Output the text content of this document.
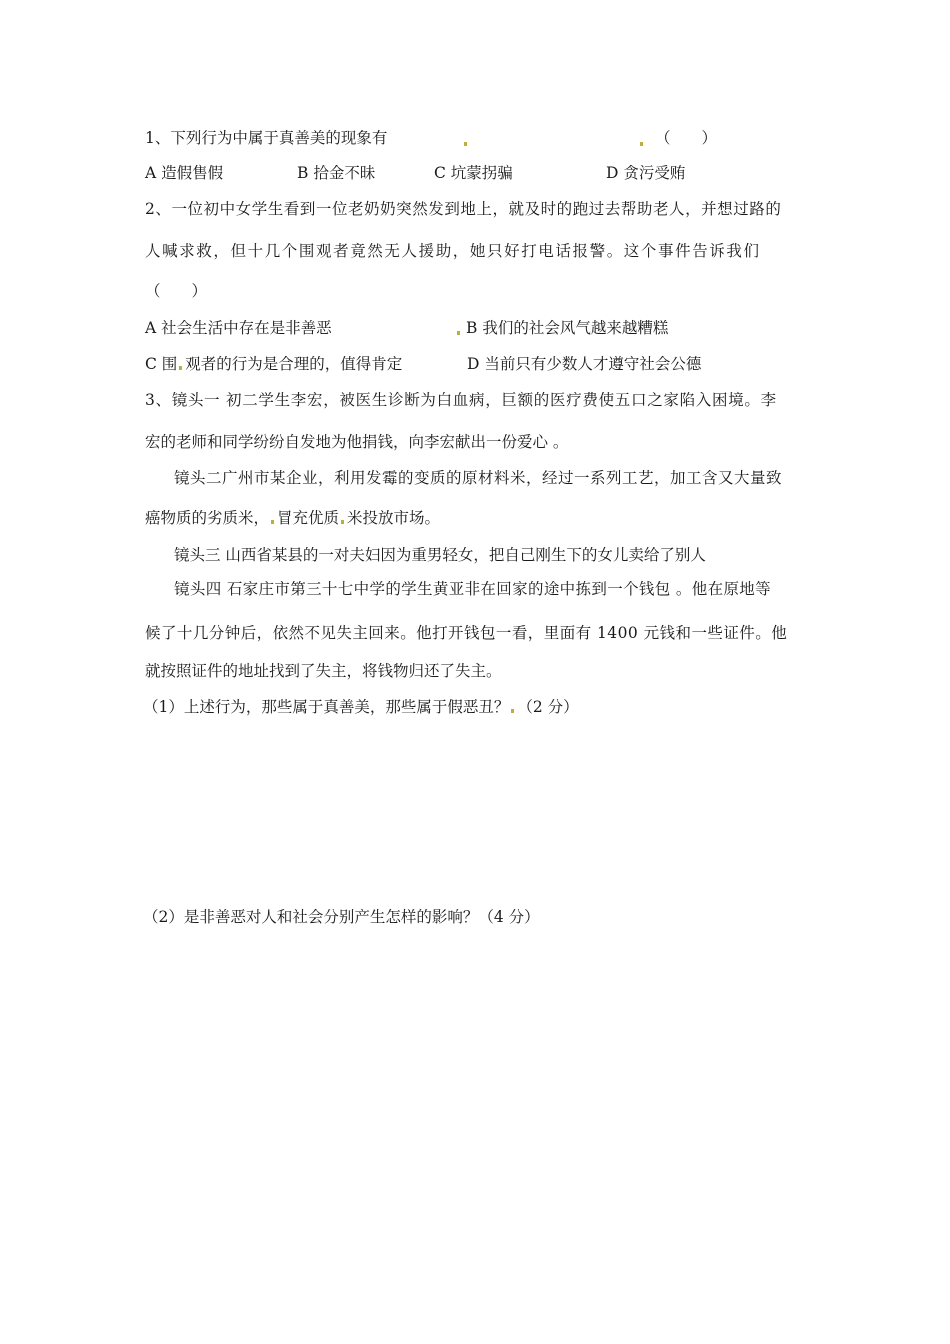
1、下列行为中属于真善美的现象有	（　　）
A 造假售假	B 拾金不昧	C 坑蒙拐骗	D 贪污受贿
2、一位初中女学生看到一位老奶奶突然发到地上，就及时的跑过去帮助老人，并想过路的
人喊求救，但十几个围观者竟然无人援助，她只好打电话报警。这个事件告诉我们
（　　）
A 社会生活中存在是非善恶	B 我们的社会风气越来越糟糕
C 围 观者的行为是合理的，值得肯定	D 当前只有少数人才遵守社会公德
3、镜头一 初二学生李宏，被医生诊断为白血病，巨额的医疗费使五口之家陷入困境。李
宏的老师和同学纷纷自发地为他捐钱，向李宏献出一份爱心 。
镜头二广州市某企业，利用发霉的变质的原材料米，经过一系列工艺，加工含又大量致
癌物质的劣质米， 冒充优质 米投放市场。
镜头三 山西省某县的一对夫妇因为重男轻女，把自己刚生下的女儿卖给了别人
镜头四 石家庄市第三十七中学的学生黄亚非在回家的途中拣到一个钱包 。他在原地等
候了十几分钟后，依然不见失主回来。他打开钱包一看，里面有 1400 元钱和一些证件。他
就按照证件的地址找到了失主，将钱物归还了失主。
（1）上述行为，那些属于真善美，那些属于假恶丑？ （2 分）
（2）是非善恶对人和社会分别产生怎样的影响？（4 分）
